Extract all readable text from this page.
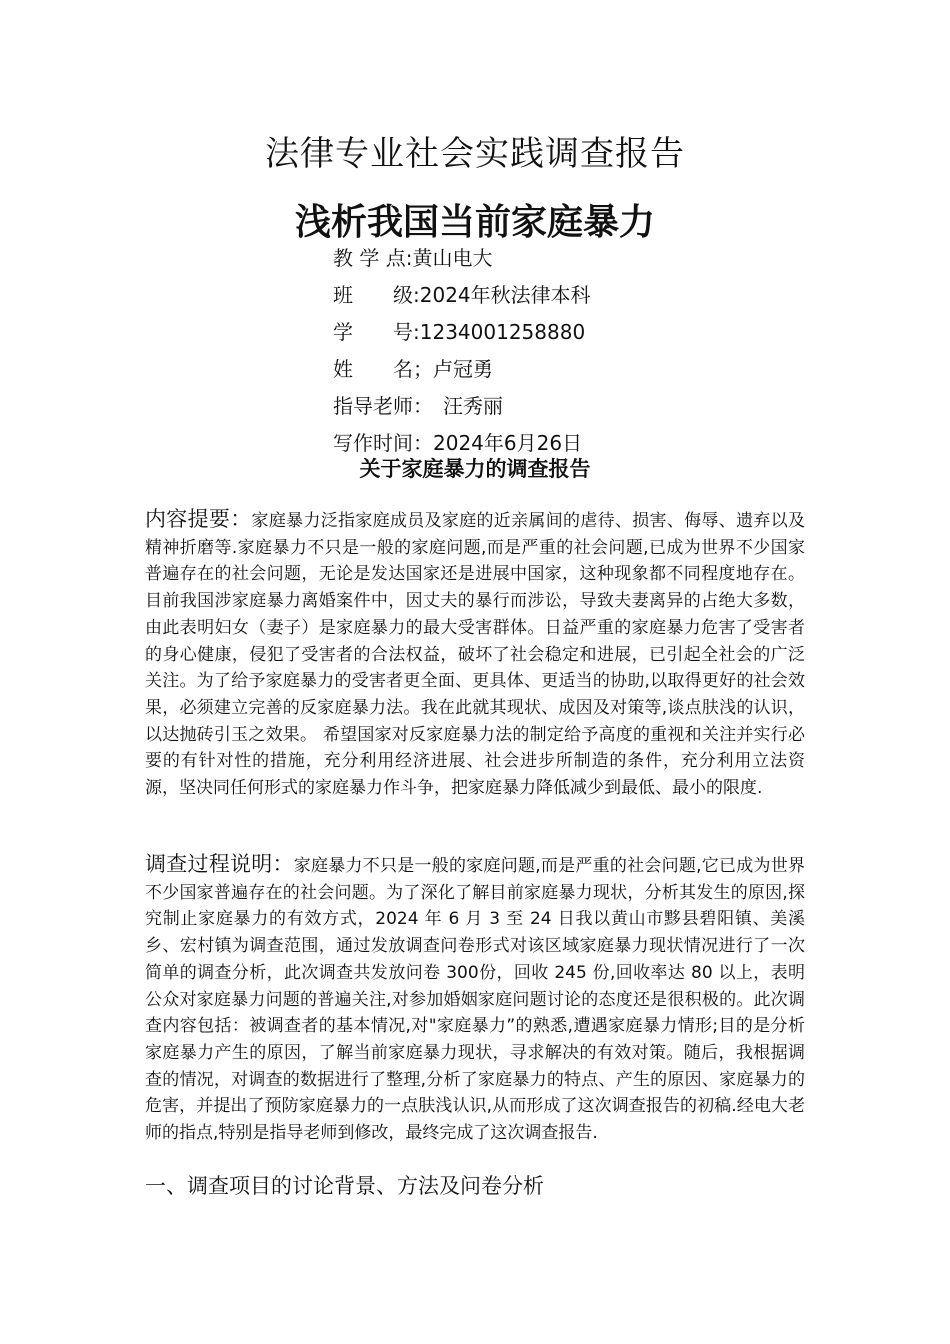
法律专业社会实践调查报告
浅析我国当前家庭暴力
教 学 点:黄山电大
班　　级:2024年秋法律本科
学　　号:1234001258880
姓　　名；卢冠勇
指导老师： 汪秀丽
写作时间：2024年6月26日
关于家庭暴力的调查报告

内容提要：家庭暴力泛指家庭成员及家庭的近亲属间的虐待、损害、侮辱、遗弃以及精神折磨等.家庭暴力不只是一般的家庭问题,而是严重的社会问题,已成为世界不少国家普遍存在的社会问题，无论是发达国家还是进展中国家，这种现象都不同程度地存在。目前我国涉家庭暴力离婚案件中，因丈夫的暴行而涉讼，导致夫妻离异的占绝大多数，由此表明妇女（妻子）是家庭暴力的最大受害群体。日益严重的家庭暴力危害了受害者的身心健康，侵犯了受害者的合法权益，破坏了社会稳定和进展，已引起全社会的广泛关注。为了给予家庭暴力的受害者更全面、更具体、更适当的协助,以取得更好的社会效果，必须建立完善的反家庭暴力法。我在此就其现状、成因及对策等,谈点肤浅的认识，以达抛砖引玉之效果。 希望国家对反家庭暴力法的制定给予高度的重视和关注并实行必要的有针对性的措施，充分利用经济进展、社会进步所制造的条件，充分利用立法资源，坚决同任何形式的家庭暴力作斗争，把家庭暴力降低减少到最低、最小的限度.

调查过程说明：家庭暴力不只是一般的家庭问题,而是严重的社会问题,它已成为世界不少国家普遍存在的社会问题。为了深化了解目前家庭暴力现状，分析其发生的原因,探究制止家庭暴力的有效方式，2024 年 6 月 3 至 24 日我以黄山市黟县碧阳镇、美溪乡、宏村镇为调查范围，通过发放调查问卷形式对该区域家庭暴力现状情况进行了一次简单的调查分析，此次调查共发放问卷 300份，回收 245 份,回收率达 80 以上，表明公众对家庭暴力问题的普遍关注,对参加婚姻家庭问题讨论的态度还是很积极的。此次调查内容包括：被调查者的基本情况,对"家庭暴力”的熟悉,遭遇家庭暴力情形;目的是分析家庭暴力产生的原因，了解当前家庭暴力现状，寻求解决的有效对策。随后，我根据调查的情况，对调查的数据进行了整理,分析了家庭暴力的特点、产生的原因、家庭暴力的危害，并提出了预防家庭暴力的一点肤浅认识,从而形成了这次调查报告的初稿.经电大老师的指点,特别是指导老师到修改，最终完成了这次调查报告.

一、调查项目的讨论背景、方法及问卷分析
